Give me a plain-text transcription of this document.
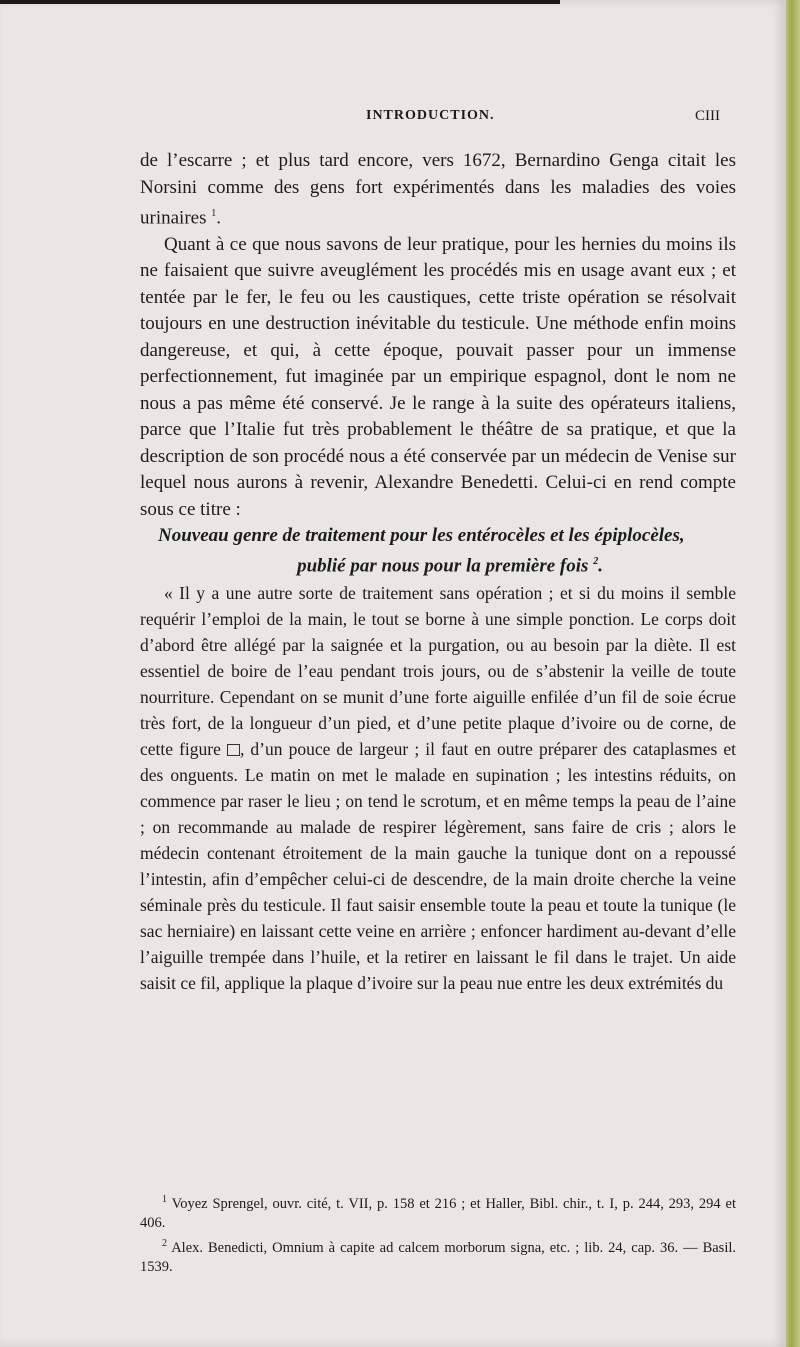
INTRODUCTION.	CIII

de l’escarre ; et plus tard encore, vers 1672, Bernardino Genga citait les Norsini comme des gens fort expérimentés dans les maladies des voies urinaires $^1$.

Quant à ce que nous savons de leur pratique, pour les hernies du moins ils ne faisaient que suivre aveuglément les procédés mis en usage avant eux ; et tentée par le fer, le feu ou les caustiques, cette triste opération se résolvait toujours en une destruction inévitable du testicule. Une méthode enfin moins dangereuse, et qui, à cette époque, pouvait passer pour un immense perfectionnement, fut imaginée par un empirique espagnol, dont le nom ne nous a pas même été conservé. Je le range à la suite des opérateurs italiens, parce que l’Italie fut très probablement le théâtre de sa pratique, et que la description de son procédé nous a été conservée par un médecin de Venise sur lequel nous aurons à revenir, Alexandre Benedetti. Celui-ci en rend compte sous ce titre :

Nouveau genre de traitement pour les entérocèles et les épiplocèles,

publié par nous pour la première fois $^2$.

« Il y a une autre sorte de traitement sans opération ; et si du moins il semble requérir l’emploi de la main, le tout se borne à une simple ponction. Le corps doit d’abord être allégé par la saignée et la purgation, ou au besoin par la diète. Il est essentiel de boire de l’eau pendant trois jours, ou de s’abstenir la veille de toute nourriture. Cependant on se munit d’une forte aiguille enfilée d’un fil de soie écrue très fort, de la longueur d’un pied, et d’une petite plaque d’ivoire ou de corne, de cette figure , d’un pouce de largeur ; il faut en outre préparer des cataplasmes et des onguents. Le matin on met le malade en supination ; les intestins réduits, on commence par raser le lieu ; on tend le scrotum, et en même temps la peau de l’aine ; on recommande au malade de respirer légèrement, sans faire de cris ; alors le médecin contenant étroitement de la main gauche la tunique dont on a repoussé l’intestin, afin d’empêcher celui-ci de descendre, de la main droite cherche la veine séminale près du testicule. Il faut saisir ensemble toute la peau et toute la tunique (le sac herniaire) en laissant cette veine en arrière ; enfoncer hardiment au-devant d’elle l’aiguille trempée dans l’huile, et la retirer en laissant le fil dans le trajet. Un aide saisit ce fil, applique la plaque d’ivoire sur la peau nue entre les deux extrémités du

$^1$ Voyez Sprengel, ouvr. cité, t. VII, p. 158 et 216 ; et Haller, Bibl. chir., t. I, p. 244, 293, 294 et 406.

$^2$ Alex. Benedicti, Omnium à capite ad calcem morborum signa, etc. ; lib. 24, cap. 36. — Basil. 1539.
